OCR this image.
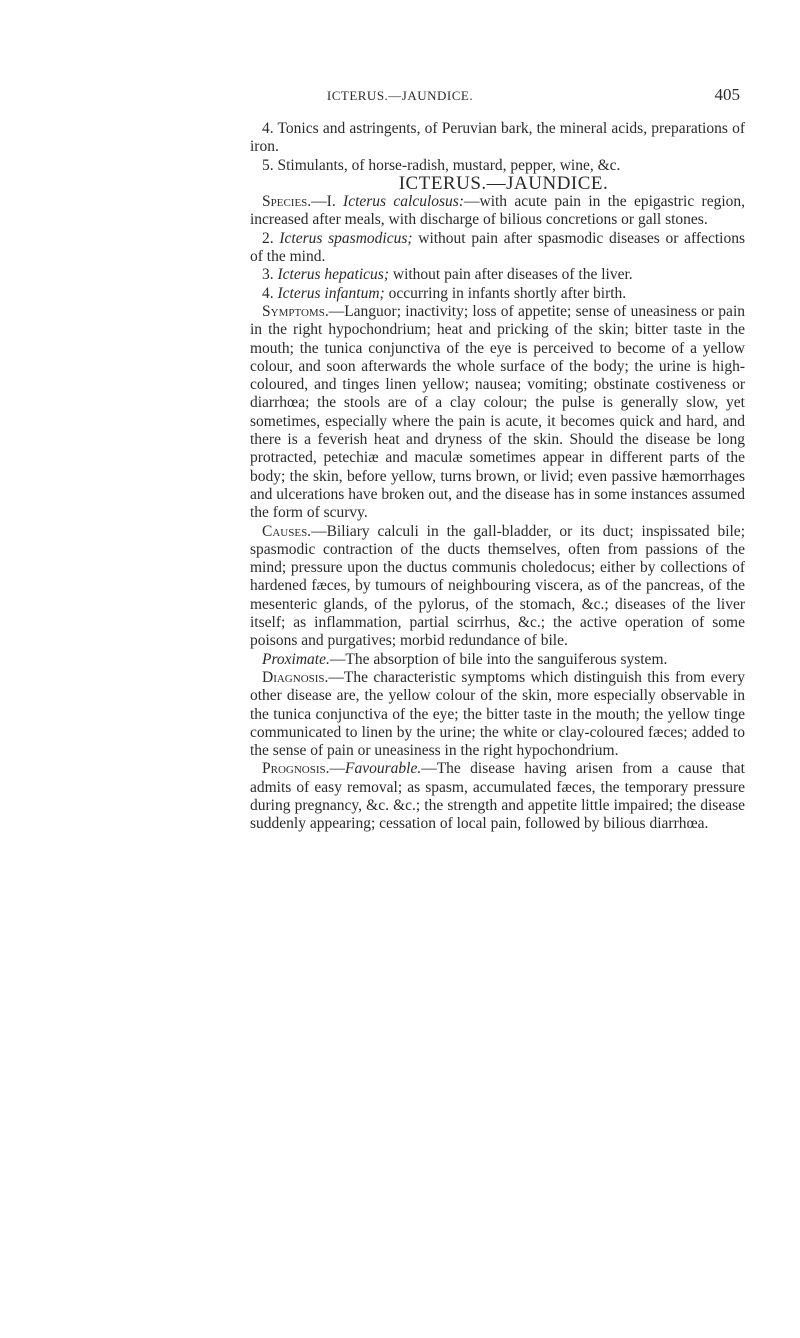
ICTERUS.—JAUNDICE.	405

4. Tonics and astringents, of Peruvian bark, the mineral acids, preparations of iron.

5. Stimulants, of horse-radish, mustard, pepper, wine, &c.

ICTERUS.—JAUNDICE.

Species.—I. Icterus calculosus:—with acute pain in the epigastric region, increased after meals, with discharge of bilious concretions or gall stones.

2. Icterus spasmodicus; without pain after spasmodic diseases or affections of the mind.

3. Icterus hepaticus; without pain after diseases of the liver.

4. Icterus infantum; occurring in infants shortly after birth.

Symptoms.—Languor; inactivity; loss of appetite; sense of uneasiness or pain in the right hypochondrium; heat and pricking of the skin; bitter taste in the mouth; the tunica conjunctiva of the eye is perceived to become of a yellow colour, and soon afterwards the whole surface of the body; the urine is high-coloured, and tinges linen yellow; nausea; vomiting; obstinate costiveness or diarrhœa; the stools are of a clay colour; the pulse is generally slow, yet sometimes, especially where the pain is acute, it becomes quick and hard, and there is a feverish heat and dryness of the skin. Should the disease be long protracted, petechiæ and maculæ sometimes appear in different parts of the body; the skin, before yellow, turns brown, or livid; even passive hæmorrhages and ulcerations have broken out, and the disease has in some instances assumed the form of scurvy.

Causes.—Biliary calculi in the gall-bladder, or its duct; inspissated bile; spasmodic contraction of the ducts themselves, often from passions of the mind; pressure upon the ductus communis choledocus; either by collections of hardened fæces, by tumours of neighbouring viscera, as of the pancreas, of the mesenteric glands, of the pylorus, of the stomach, &c.; diseases of the liver itself; as inflammation, partial scirrhus, &c.; the active operation of some poisons and purgatives; morbid redundance of bile.

Proximate.—The absorption of bile into the sanguiferous system.

Diagnosis.—The characteristic symptoms which distinguish this from every other disease are, the yellow colour of the skin, more especially observable in the tunica conjunctiva of the eye; the bitter taste in the mouth; the yellow tinge communicated to linen by the urine; the white or clay-coloured fæces; added to the sense of pain or uneasiness in the right hypochondrium.

Prognosis.—Favourable.—The disease having arisen from a cause that admits of easy removal; as spasm, accumulated fæces, the temporary pressure during pregnancy, &c. &c.; the strength and appetite little impaired; the disease suddenly appearing; cessation of local pain, followed by bilious diarrhœa.
